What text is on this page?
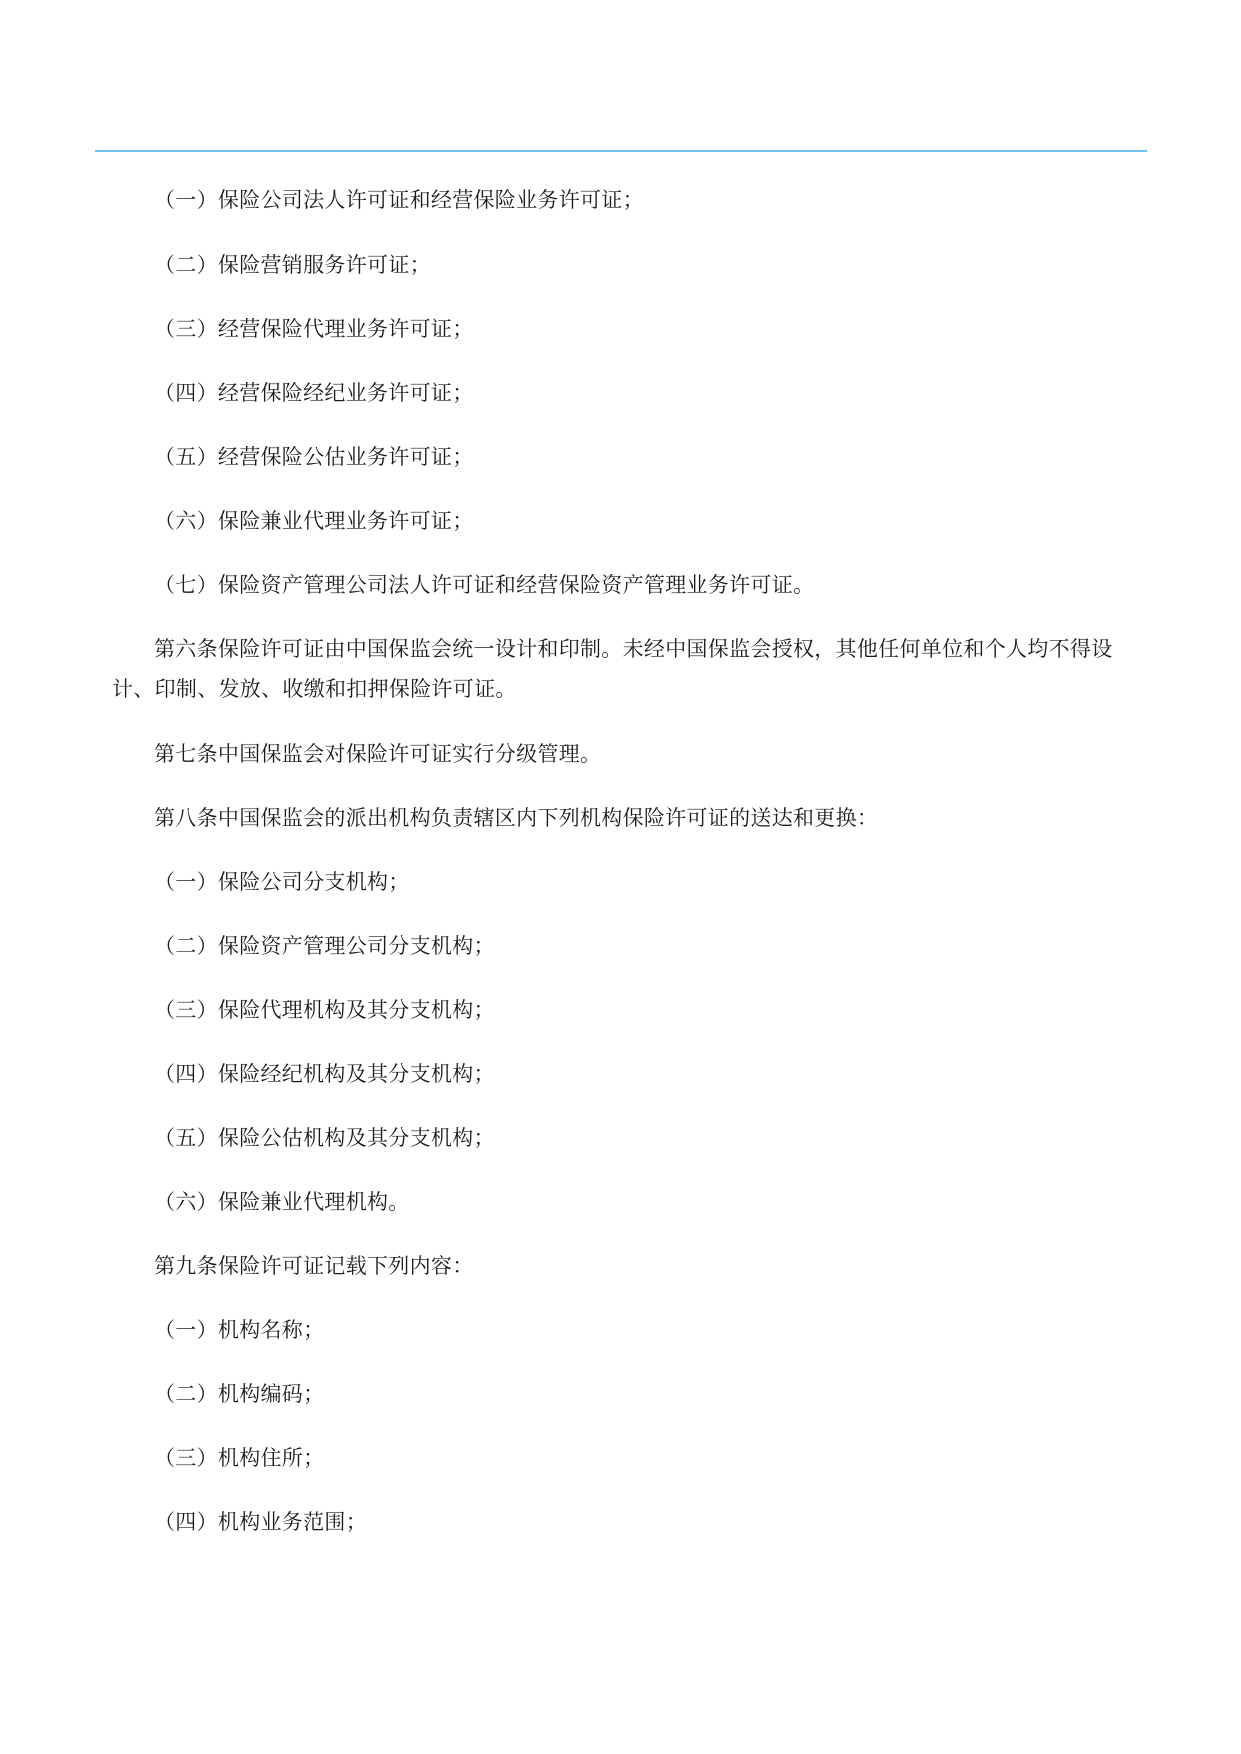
（一）保险公司法人许可证和经营保险业务许可证；

（二）保险营销服务许可证；

（三）经营保险代理业务许可证；

（四）经营保险经纪业务许可证；

（五）经营保险公估业务许可证；

（六）保险兼业代理业务许可证；

（七）保险资产管理公司法人许可证和经营保险资产管理业务许可证。

第六条保险许可证由中国保监会统一设计和印制。未经中国保监会授权，其他任何单位和个人均不得设计、印制、发放、收缴和扣押保险许可证。

第七条中国保监会对保险许可证实行分级管理。

第八条中国保监会的派出机构负责辖区内下列机构保险许可证的送达和更换：

（一）保险公司分支机构；

（二）保险资产管理公司分支机构；

（三）保险代理机构及其分支机构；

（四）保险经纪机构及其分支机构；

（五）保险公估机构及其分支机构；

（六）保险兼业代理机构。

第九条保险许可证记载下列内容：

（一）机构名称；

（二）机构编码；

（三）机构住所；

（四）机构业务范围；
